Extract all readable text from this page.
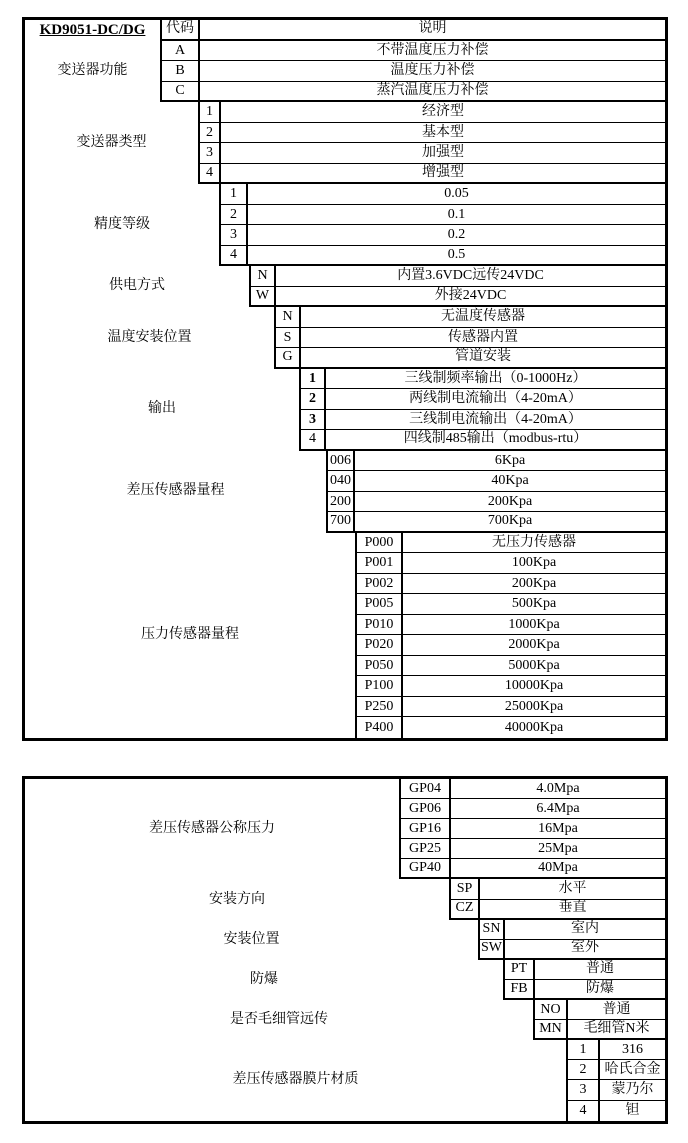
KD9051-DC/DG	代码	说明
变送器功能
A	不带温度压力补偿
B	温度压力补偿
C	蒸汽温度压力补偿
变送器类型
1	经济型
2	基本型
3	加强型
4	增强型
精度等级
1	0.05
2	0.1
3	0.2
4	0.5
供电方式
N	内置3.6VDC远传24VDC
W	外接24VDC
温度安装位置
N	无温度传感器
S	传感器内置
G	管道安装
输出
1	三线制频率输出（0-1000Hz）
2	两线制电流输出（4-20mA）
3	三线制电流输出（4-20mA）
4	四线制485输出（modbus-rtu）
差压传感器量程
006	6Kpa
040	40Kpa
200	200Kpa
700	700Kpa
压力传感器量程
P000	无压力传感器
P001	100Kpa
P002	200Kpa
P005	500Kpa
P010	1000Kpa
P020	2000Kpa
P050	5000Kpa
P100	10000Kpa
P250	25000Kpa
P400	40000Kpa
差压传感器公称压力
GP04	4.0Mpa
GP06	6.4Mpa
GP16	16Mpa
GP25	25Mpa
GP40	40Mpa
安装方向
SP	水平
CZ	垂直
安装位置
SN	室内
SW	室外
防爆
PT	普通
FB	防爆
是否毛细管远传
NO	普通
MN	毛细管N米
差压传感器膜片材质
1	316
2	哈氏合金
3	蒙乃尔
4	钽
